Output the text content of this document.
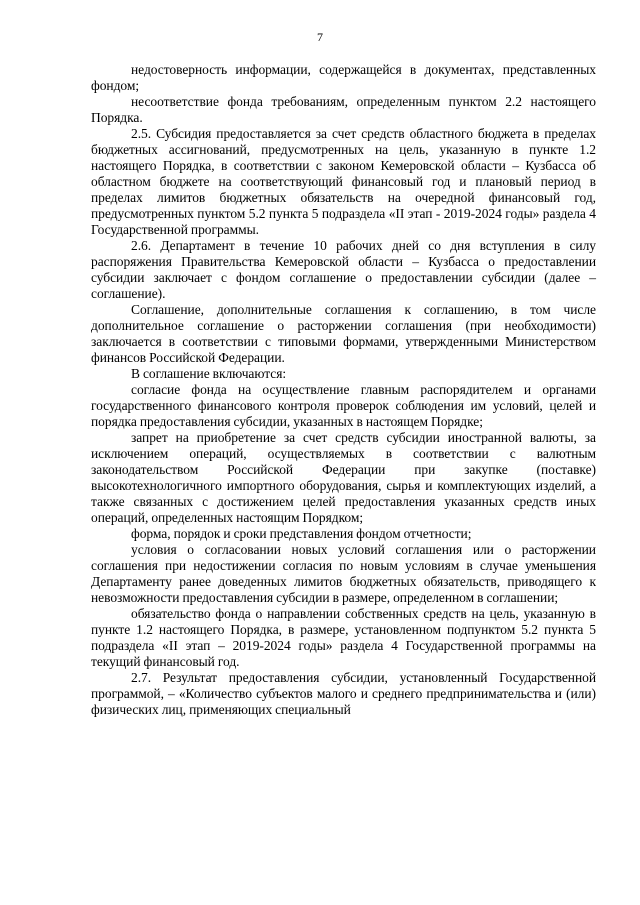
7

недостоверность информации, содержащейся в документах, представленных фондом;

несоответствие фонда требованиям, определенным пунктом 2.2 настоящего Порядка.

2.5. Субсидия предоставляется за счет средств областного бюджета в пределах бюджетных ассигнований, предусмотренных на цель, указанную в пункте 1.2 настоящего Порядка, в соответствии с законом Кемеровской области – Кузбасса об областном бюджете на соответствующий финансовый год и плановый период в пределах лимитов бюджетных обязательств на очередной финансовый год, предусмотренных пунктом 5.2 пункта 5 подраздела «II этап - 2019-2024 годы» раздела 4 Государственной программы.

2.6. Департамент в течение 10 рабочих дней со дня вступления в силу распоряжения Правительства Кемеровской области – Кузбасса о предоставлении субсидии заключает с фондом соглашение о предоставлении субсидии (далее – соглашение).

Соглашение, дополнительные соглашения к соглашению, в том числе дополнительное соглашение о расторжении соглашения (при необходимости) заключается в соответствии с типовыми формами, утвержденными Министерством финансов Российской Федерации.

В соглашение включаются:

согласие фонда на осуществление главным распорядителем и органами государственного финансового контроля проверок соблюдения им условий, целей и порядка предоставления субсидии, указанных в настоящем Порядке;

запрет на приобретение за счет средств субсидии иностранной валюты, за исключением операций, осуществляемых в соответствии с валютным законодательством Российской Федерации при закупке (поставке) высокотехнологичного импортного оборудования, сырья и комплектующих изделий, а также связанных с достижением целей предоставления указанных средств иных операций, определенных настоящим Порядком;

форма, порядок и сроки представления фондом отчетности;

условия о согласовании новых условий соглашения или о расторжении соглашения при недостижении согласия по новым условиям в случае уменьшения Департаменту ранее доведенных лимитов бюджетных обязательств, приводящего к невозможности предоставления субсидии в размере, определенном в соглашении;

обязательство фонда о направлении собственных средств на цель, указанную в пункте 1.2 настоящего Порядка, в размере, установленном подпунктом 5.2 пункта 5 подраздела «II этап – 2019-2024 годы» раздела 4 Государственной программы на текущий финансовый год.

2.7. Результат предоставления субсидии, установленный Государственной программой, – «Количество субъектов малого и среднего предпринимательства и (или) физических лиц, применяющих специальный
